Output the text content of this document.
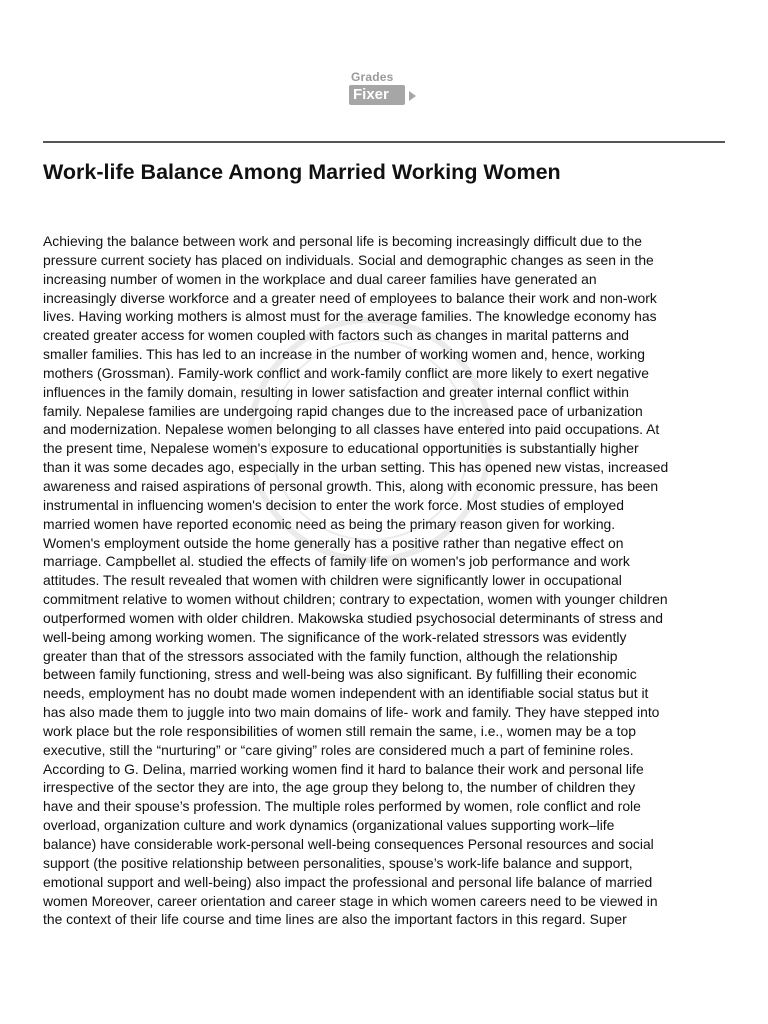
Grades
Fixer
Work-life Balance Among Married Working Women
Achieving the balance between work and personal life is becoming increasingly difficult due to the
pressure current society has placed on individuals. Social and demographic changes as seen in the
increasing number of women in the workplace and dual career families have generated an
increasingly diverse workforce and a greater need of employees to balance their work and non-work
lives. Having working mothers is almost must for the average families. The knowledge economy has
created greater access for women coupled with factors such as changes in marital patterns and
smaller families. This has led to an increase in the number of working women and, hence, working
mothers (Grossman). Family-work conflict and work-family conflict are more likely to exert negative
influences in the family domain, resulting in lower satisfaction and greater internal conflict within
family. Nepalese families are undergoing rapid changes due to the increased pace of urbanization
and modernization. Nepalese women belonging to all classes have entered into paid occupations. At
the present time, Nepalese women's exposure to educational opportunities is substantially higher
than it was some decades ago, especially in the urban setting. This has opened new vistas, increased
awareness and raised aspirations of personal growth. This, along with economic pressure, has been
instrumental in influencing women's decision to enter the work force. Most studies of employed
married women have reported economic need as being the primary reason given for working.
Women's employment outside the home generally has a positive rather than negative effect on
marriage. Campbellet al. studied the effects of family life on women's job performance and work
attitudes. The result revealed that women with children were significantly lower in occupational
commitment relative to women without children; contrary to expectation, women with younger children
outperformed women with older children. Makowska studied psychosocial determinants of stress and
well-being among working women. The significance of the work-related stressors was evidently
greater than that of the stressors associated with the family function, although the relationship
between family functioning, stress and well-being was also significant. By fulfilling their economic
needs, employment has no doubt made women independent with an identifiable social status but it
has also made them to juggle into two main domains of life- work and family. They have stepped into
work place but the role responsibilities of women still remain the same, i.e., women may be a top
executive, still the “nurturing” or “care giving” roles are considered much a part of feminine roles.
According to G. Delina, married working women find it hard to balance their work and personal life
irrespective of the sector they are into, the age group they belong to, the number of children they
have and their spouse’s profession. The multiple roles performed by women, role conflict and role
overload, organization culture and work dynamics (organizational values supporting work–life
balance) have considerable work-personal well-being consequences Personal resources and social
support (the positive relationship between personalities, spouse’s work-life balance and support,
emotional support and well-being) also impact the professional and personal life balance of married
women Moreover, career orientation and career stage in which women careers need to be viewed in
the context of their life course and time lines are also the important factors in this regard. Super
